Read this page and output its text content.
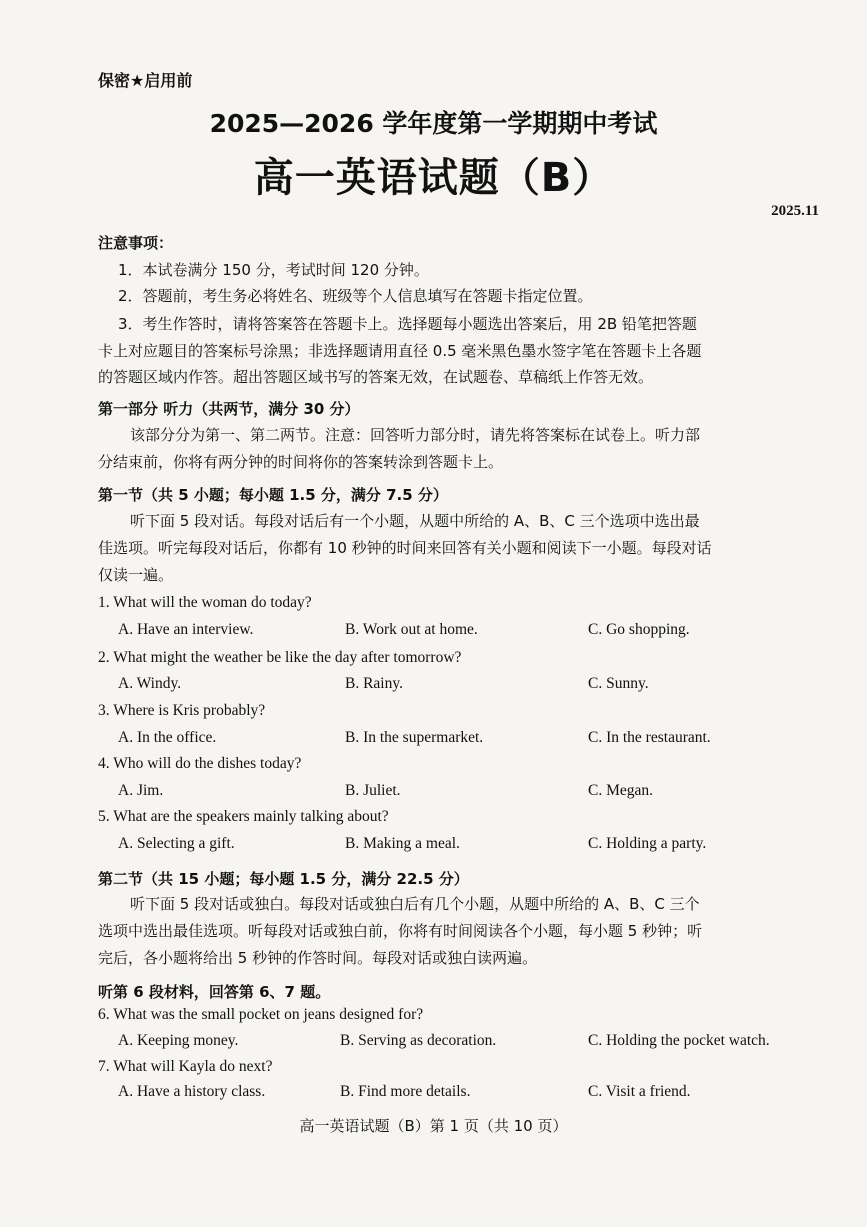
保密★启用前
2025—2026 学年度第一学期期中考试
高一英语试题（B）
2025.11
注意事项：
1．本试卷满分 150 分，考试时间 120 分钟。
2．答题前，考生务必将姓名、班级等个人信息填写在答题卡指定位置。
3．考生作答时，请将答案答在答题卡上。选择题每小题选出答案后，用 2B 铅笔把答题
卡上对应题目的答案标号涂黑；非选择题请用直径 0.5 毫米黑色墨水签字笔在答题卡上各题
的答题区域内作答。超出答题区域书写的答案无效，在试题卷、草稿纸上作答无效。
第一部分 听力（共两节，满分 30 分）
该部分分为第一、第二两节。注意：回答听力部分时，请先将答案标在试卷上。听力部
分结束前，你将有两分钟的时间将你的答案转涂到答题卡上。
第一节（共 5 小题；每小题 1.5 分，满分 7.5 分）
听下面 5 段对话。每段对话后有一个小题，从题中所给的 A、B、C 三个选项中选出最
佳选项。听完每段对话后，你都有 10 秒钟的时间来回答有关小题和阅读下一小题。每段对话
仅读一遍。
1. What will the woman do today?
A. Have an interview.	B. Work out at home.	C. Go shopping.
2. What might the weather be like the day after tomorrow?
A. Windy.	B. Rainy.	C. Sunny.
3. Where is Kris probably?
A. In the office.	B. In the supermarket.	C. In the restaurant.
4. Who will do the dishes today?
A. Jim.	B. Juliet.	C. Megan.
5. What are the speakers mainly talking about?
A. Selecting a gift.	B. Making a meal.	C. Holding a party.
第二节（共 15 小题；每小题 1.5 分，满分 22.5 分）
听下面 5 段对话或独白。每段对话或独白后有几个小题，从题中所给的 A、B、C 三个
选项中选出最佳选项。听每段对话或独白前，你将有时间阅读各个小题，每小题 5 秒钟；听
完后，各小题将给出 5 秒钟的作答时间。每段对话或独白读两遍。
听第 6 段材料，回答第 6、7 题。
6. What was the small pocket on jeans designed for?
A. Keeping money.	B. Serving as decoration.	C. Holding the pocket watch.
7. What will Kayla do next?
A. Have a history class.	B. Find more details.	C. Visit a friend.
高一英语试题（B）第 1 页（共 10 页）
